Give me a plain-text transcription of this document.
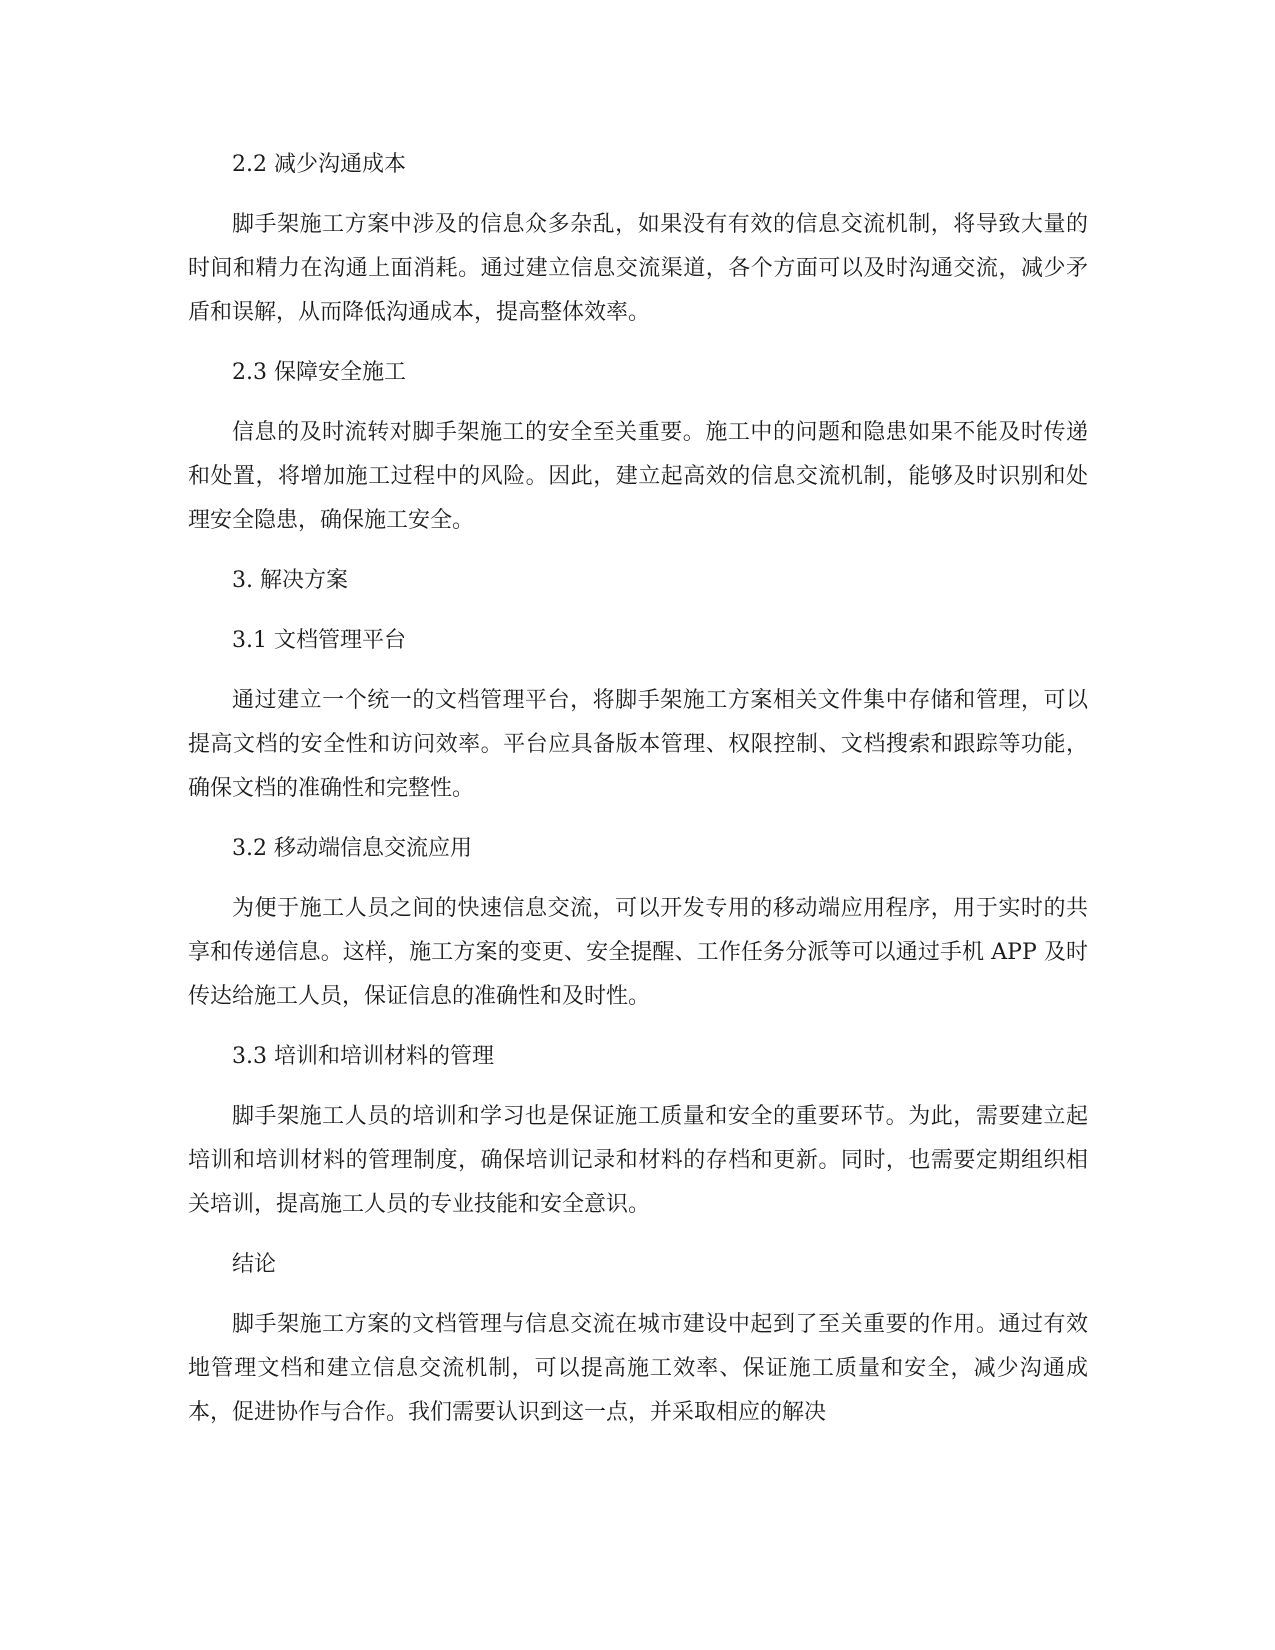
2.2 减少沟通成本

脚手架施工方案中涉及的信息众多杂乱，如果没有有效的信息交流机制，将导致大量的时间和精力在沟通上面消耗。通过建立信息交流渠道，各个方面可以及时沟通交流，减少矛盾和误解，从而降低沟通成本，提高整体效率。

2.3 保障安全施工

信息的及时流转对脚手架施工的安全至关重要。施工中的问题和隐患如果不能及时传递和处置，将增加施工过程中的风险。因此，建立起高效的信息交流机制，能够及时识别和处理安全隐患，确保施工安全。

3. 解决方案
3.1 文档管理平台

通过建立一个统一的文档管理平台，将脚手架施工方案相关文件集中存储和管理，可以提高文档的安全性和访问效率。平台应具备版本管理、权限控制、文档搜索和跟踪等功能，确保文档的准确性和完整性。

3.2 移动端信息交流应用

为便于施工人员之间的快速信息交流，可以开发专用的移动端应用程序，用于实时的共享和传递信息。这样，施工方案的变更、安全提醒、工作任务分派等可以通过手机 APP 及时传达给施工人员，保证信息的准确性和及时性。

3.3 培训和培训材料的管理

脚手架施工人员的培训和学习也是保证施工质量和安全的重要环节。为此，需要建立起培训和培训材料的管理制度，确保培训记录和材料的存档和更新。同时，也需要定期组织相关培训，提高施工人员的专业技能和安全意识。

结论

脚手架施工方案的文档管理与信息交流在城市建设中起到了至关重要的作用。通过有效地管理文档和建立信息交流机制，可以提高施工效率、保证施工质量和安全，减少沟通成本，促进协作与合作。我们需要认识到这一点，并采取相应的解决
